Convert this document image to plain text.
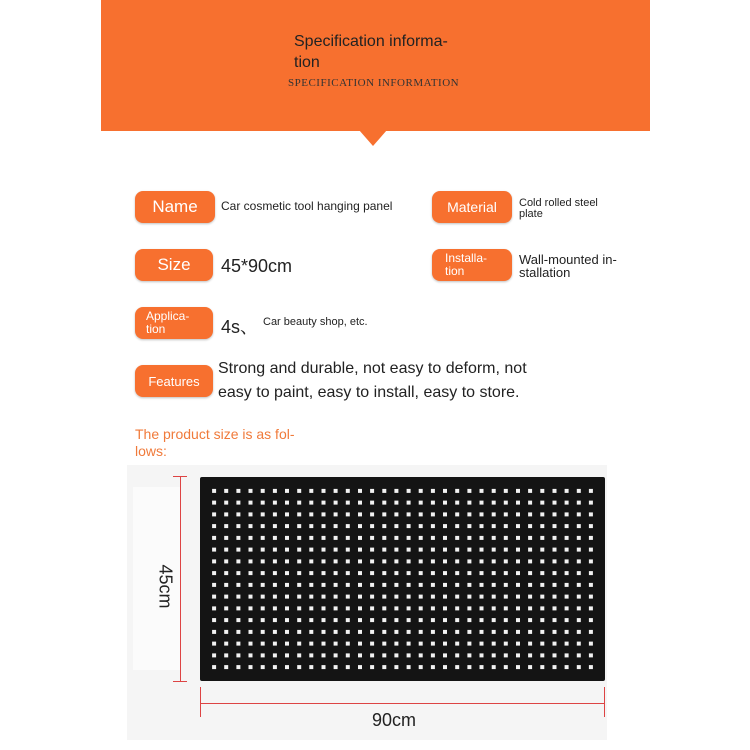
Specification informa-
tion
SPECIFICATION INFORMATION
Name Car cosmetic tool hanging panel	Material Cold rolled steel
plate
Size 45*90cm	Installa-
tion
Wall-mounted in-
stallation
Applica-
tion	4s、 Car beauty shop, etc.
Features
Strong and durable, not easy to deform, not
easy to paint, easy to install, easy to store.
The product size is as fol-
lows:
45cm
90cm
